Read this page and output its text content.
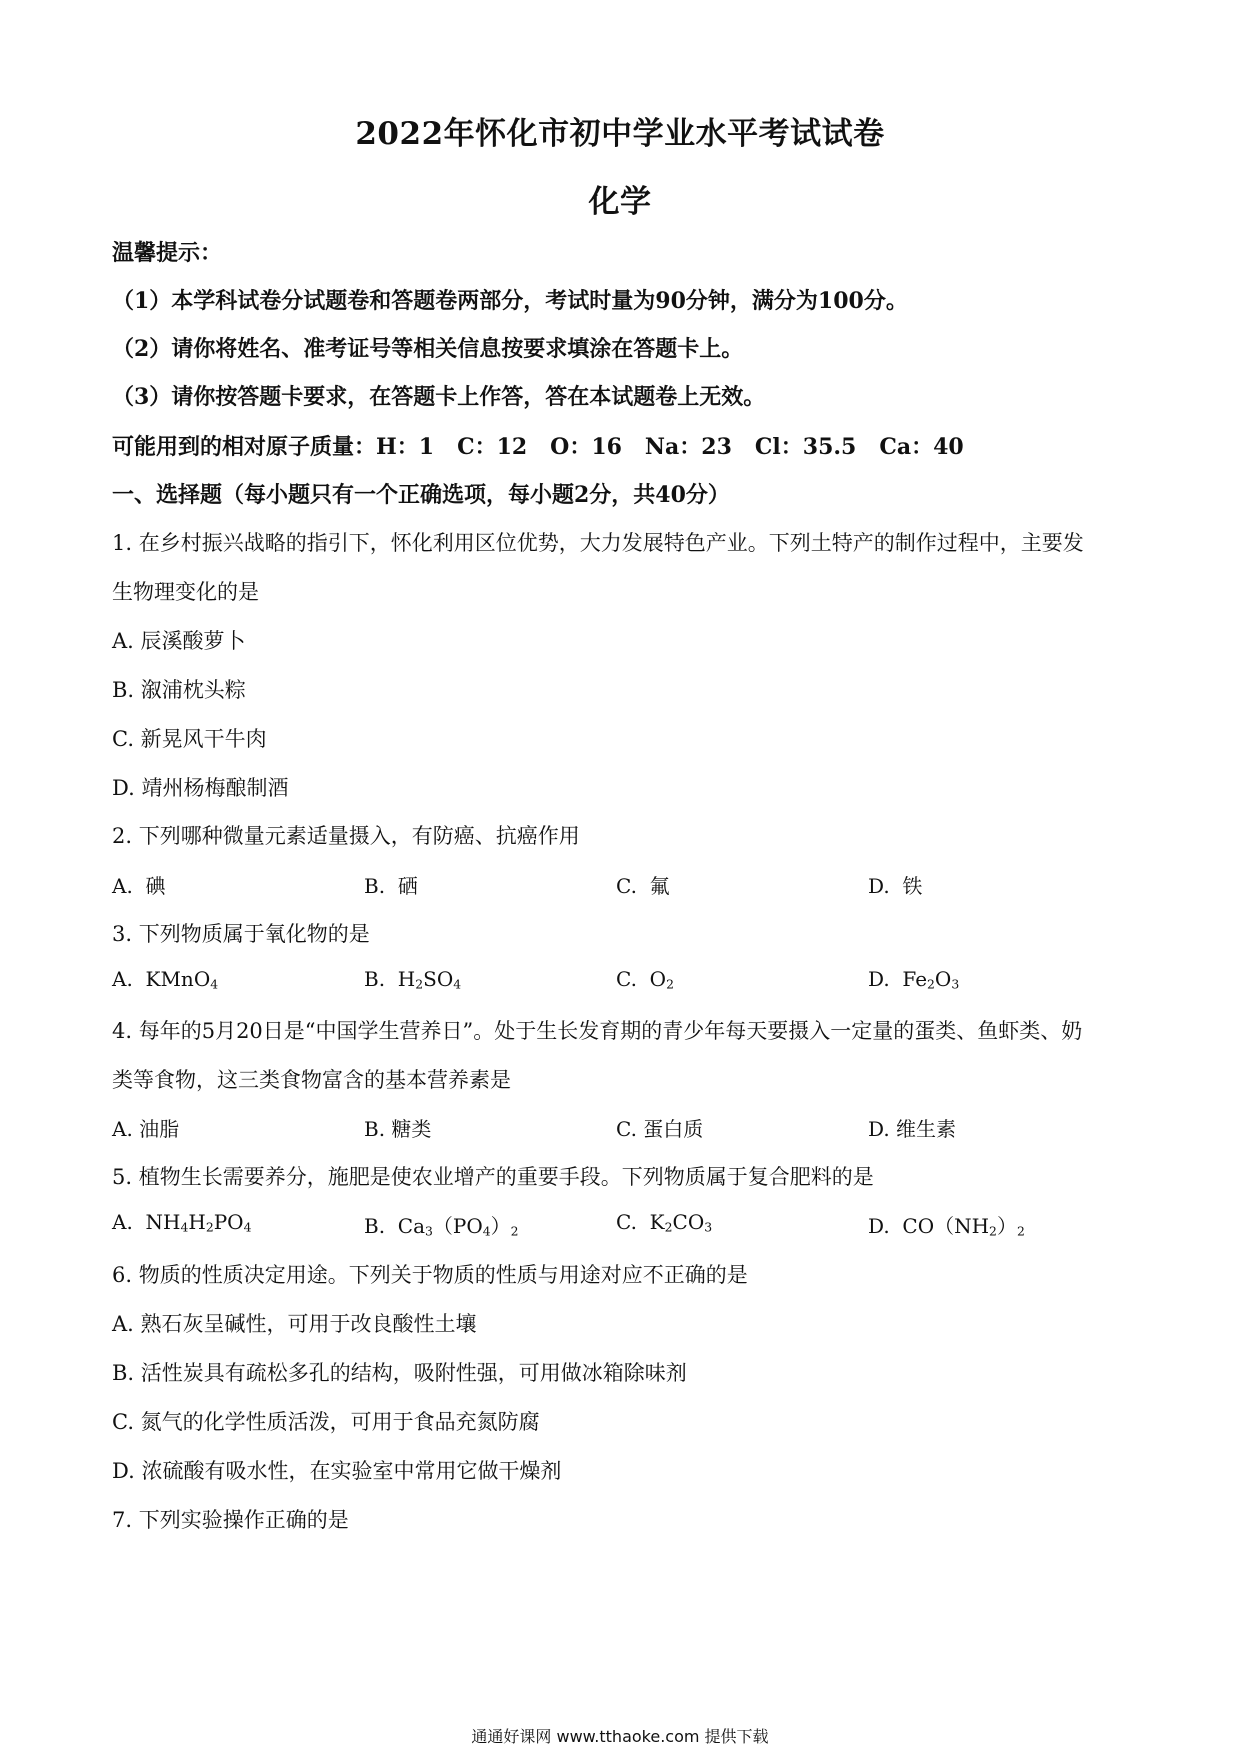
2022年怀化市初中学业水平考试试卷
化学
温馨提示：
（1）本学科试卷分试题卷和答题卷两部分，考试时量为90分钟，满分为100分。
（2）请你将姓名、准考证号等相关信息按要求填涂在答题卡上。
（3）请你按答题卡要求，在答题卡上作答，答在本试题卷上无效。
可能用到的相对原子质量：H：1   C：12   O：16   Na：23   Cl：35.5   Ca：40
一、选择题（每小题只有一个正确选项，每小题2分，共40分）
1. 在乡村振兴战略的指引下，怀化利用区位优势，大力发展特色产业。下列土特产的制作过程中，主要发
生物理变化的是
A. 辰溪酸萝卜
B. 溆浦枕头粽
C. 新晃风干牛肉
D. 靖州杨梅酿制酒
2. 下列哪种微量元素适量摄入，有防癌、抗癌作用
A.  碘	B.  硒	C.  氟	D.  铁
3. 下列物质属于氧化物的是
A.  KMnO$_4$	B.  $H_2SO_4$	C.  $O_2$	D.  $Fe_2O_3$
4. 每年的5月20日是“中国学生营养日”。处于生长发育期的青少年每天要摄入一定量的蛋类、鱼虾类、奶
类等食物，这三类食物富含的基本营养素是
A. 油脂	B. 糖类	C. 蛋白质	D. 维生素
5. 植物生长需要养分，施肥是使农业增产的重要手段。下列物质属于复合肥料的是
A.  $NH_4H_2PO_4$	B.  $Ca_3(PO_4)_2$	C.  $K_2CO_3$	D.  $CO(NH_2)_2$
6. 物质的性质决定用途。下列关于物质的性质与用途对应不正确的是
A. 熟石灰呈碱性，可用于改良酸性土壤
B. 活性炭具有疏松多孔的结构，吸附性强，可用做冰箱除味剂
C. 氮气的化学性质活泼，可用于食品充氮防腐
D. 浓硫酸有吸水性，在实验室中常用它做干燥剂
7. 下列实验操作正确的是
通通好课网 www.tthaoke.com 提供下载
